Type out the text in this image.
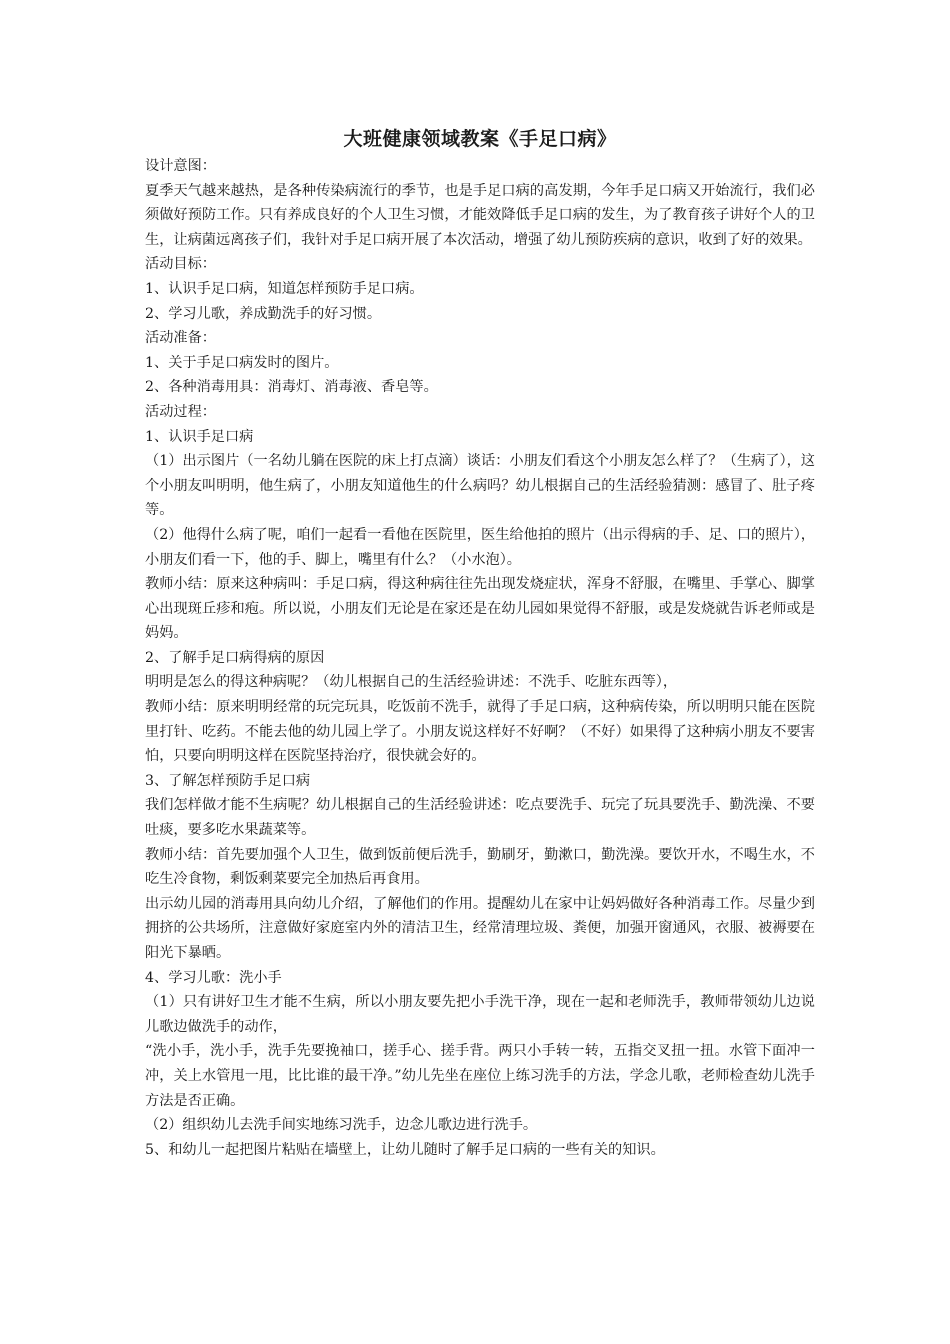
大班健康领域教案《手足口病》

设计意图：

夏季天气越来越热，是各种传染病流行的季节，也是手足口病的高发期，今年手足口病又开始流行，我们必须做好预防工作。只有养成良好的个人卫生习惯，才能效降低手足口病的发生，为了教育孩子讲好个人的卫生，让病菌远离孩子们，我针对手足口病开展了本次活动，增强了幼儿预防疾病的意识，收到了好的效果。

活动目标：

1、认识手足口病，知道怎样预防手足口病。

2、学习儿歌，养成勤洗手的好习惯。

活动准备：

1、关于手足口病发时的图片。

2、各种消毒用具：消毒灯、消毒液、香皂等。

活动过程：

1、认识手足口病

（1）出示图片（一名幼儿躺在医院的床上打点滴）谈话：小朋友们看这个小朋友怎么样了？（生病了），这个小朋友叫明明，他生病了，小朋友知道他生的什么病吗？幼儿根据自己的生活经验猜测：感冒了、肚子疼等。

（2）他得什么病了呢，咱们一起看一看他在医院里，医生给他拍的照片（出示得病的手、足、口的照片），小朋友们看一下，他的手、脚上，嘴里有什么？（小水泡）。

教师小结：原来这种病叫：手足口病，得这种病往往先出现发烧症状，浑身不舒服，在嘴里、手掌心、脚掌心出现斑丘疹和疱。所以说，小朋友们无论是在家还是在幼儿园如果觉得不舒服，或是发烧就告诉老师或是妈妈。

2、了解手足口病得病的原因

明明是怎么的得这种病呢？（幼儿根据自己的生活经验讲述：不洗手、吃脏东西等），

教师小结：原来明明经常的玩完玩具，吃饭前不洗手，就得了手足口病，这种病传染，所以明明只能在医院里打针、吃药。不能去他的幼儿园上学了。小朋友说这样好不好啊？（不好）如果得了这种病小朋友不要害怕，只要向明明这样在医院坚持治疗，很快就会好的。

3、了解怎样预防手足口病

我们怎样做才能不生病呢？幼儿根据自己的生活经验讲述：吃点要洗手、玩完了玩具要洗手、勤洗澡、不要吐痰，要多吃水果蔬菜等。

教师小结：首先要加强个人卫生，做到饭前便后洗手，勤刷牙，勤漱口，勤洗澡。要饮开水，不喝生水，不吃生冷食物，剩饭剩菜要完全加热后再食用。

出示幼儿园的消毒用具向幼儿介绍，了解他们的作用。提醒幼儿在家中让妈妈做好各种消毒工作。尽量少到拥挤的公共场所，注意做好家庭室内外的清洁卫生，经常清理垃圾、粪便，加强开窗通风，衣服、被褥要在阳光下暴晒。

4、学习儿歌：洗小手

（1）只有讲好卫生才能不生病，所以小朋友要先把小手洗干净，现在一起和老师洗手，教师带领幼儿边说儿歌边做洗手的动作，

“洗小手，洗小手，洗手先要挽袖口，搓手心、搓手背。两只小手转一转，五指交叉扭一扭。水管下面冲一冲，关上水管甩一甩，比比谁的最干净。”幼儿先坐在座位上练习洗手的方法，学念儿歌，老师检查幼儿洗手方法是否正确。

（2）组织幼儿去洗手间实地练习洗手，边念儿歌边进行洗手。

5、和幼儿一起把图片粘贴在墙壁上，让幼儿随时了解手足口病的一些有关的知识。
